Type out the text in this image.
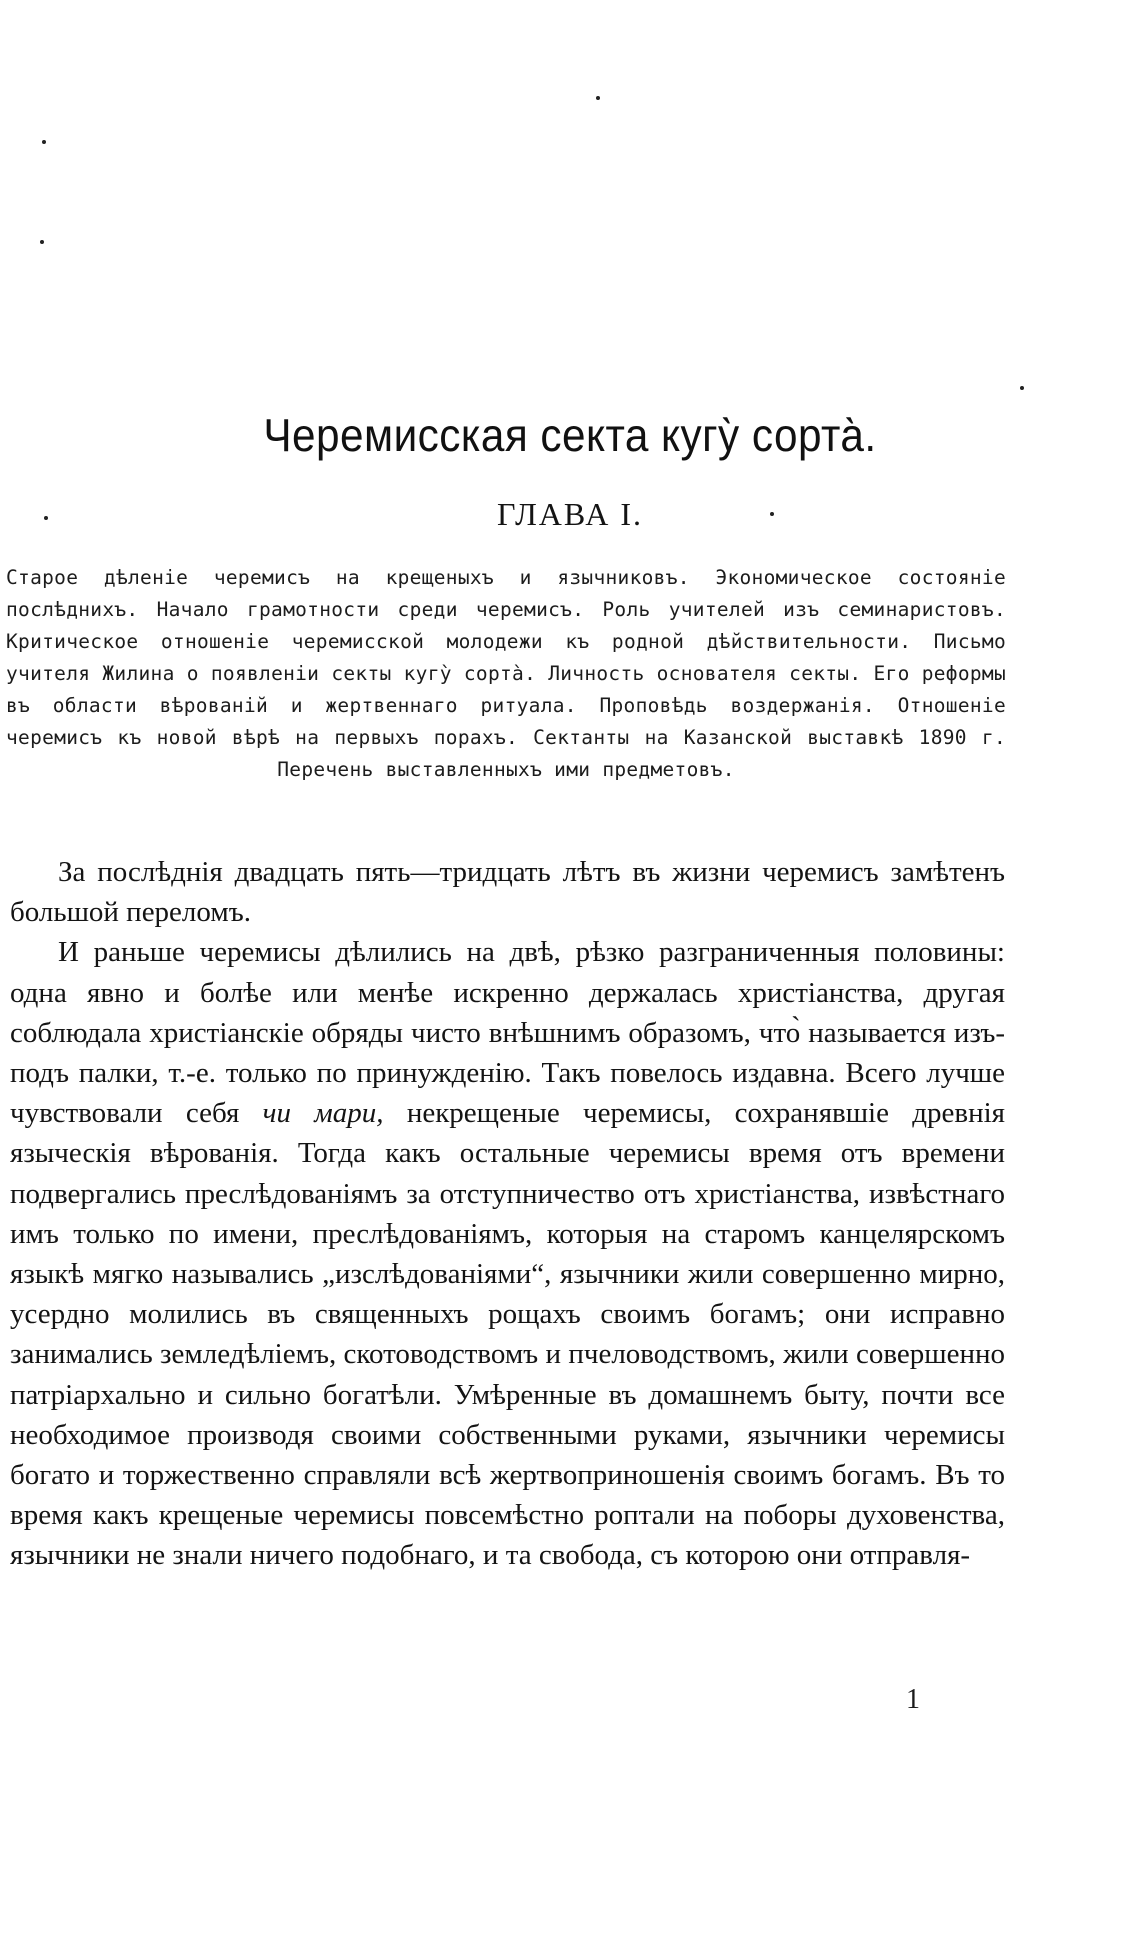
Черемисская секта кугу̀ сорта̀.
ГЛАВА I.

Старое дѣленіе черемисъ на крещеныхъ и язычниковъ. Экономическое состояніе послѣднихъ. Начало грамотности среди черемисъ. Роль учителей изъ семинаристовъ. Критическое отношеніе черемисской молодежи къ родной дѣйствительности. Письмо учителя Жилина о появленіи секты кугу̀ сорта̀. Личность основателя секты. Его реформы въ области вѣрованій и жертвеннаго ритуала. Проповѣдь воздержанія. Отношеніе черемисъ къ новой вѣрѣ на первыхъ порахъ. Сектанты на Казанской выставкѣ 1890 г. Перечень выставленныхъ ими предметовъ.

За послѣднія двадцать пять—тридцать лѣтъ въ жизни черемисъ замѣтенъ большой переломъ.

И раньше черемисы дѣлились на двѣ, рѣзко разграниченныя половины: одна явно и болѣе или менѣе искренно держалась христіанства, другая соблюдала христіанскіе обряды чисто внѣшнимъ образомъ, что̀ называется изъ-подъ палки, т.-е. только по принужденію. Такъ повелось издавна. Всего лучше чувствовали себя чи мари, некрещеные черемисы, сохранявшіе древнія языческія вѣрованія. Тогда какъ остальные черемисы время отъ времени подвергались преслѣдованіямъ за отступничество отъ христіанства, извѣстнаго имъ только по имени, преслѣдованіямъ, которыя на старомъ канцелярскомъ языкѣ мягко назывались „изслѣдованіями“, язычники жили совершенно мирно, усердно молились въ священныхъ рощахъ своимъ богамъ; они исправно занимались земледѣліемъ, скотоводствомъ и пчеловодствомъ, жили совершенно патріархально и сильно богатѣли. Умѣренные въ домашнемъ быту, почти все необходимое производя своими собственными руками, язычники черемисы богато и торжественно справляли всѣ жертвоприношенія своимъ богамъ. Въ то время какъ крещеные черемисы повсемѣстно роптали на поборы духовенства, язычники не знали ничего подобнаго, и та свобода, съ которою они отправля-

1
